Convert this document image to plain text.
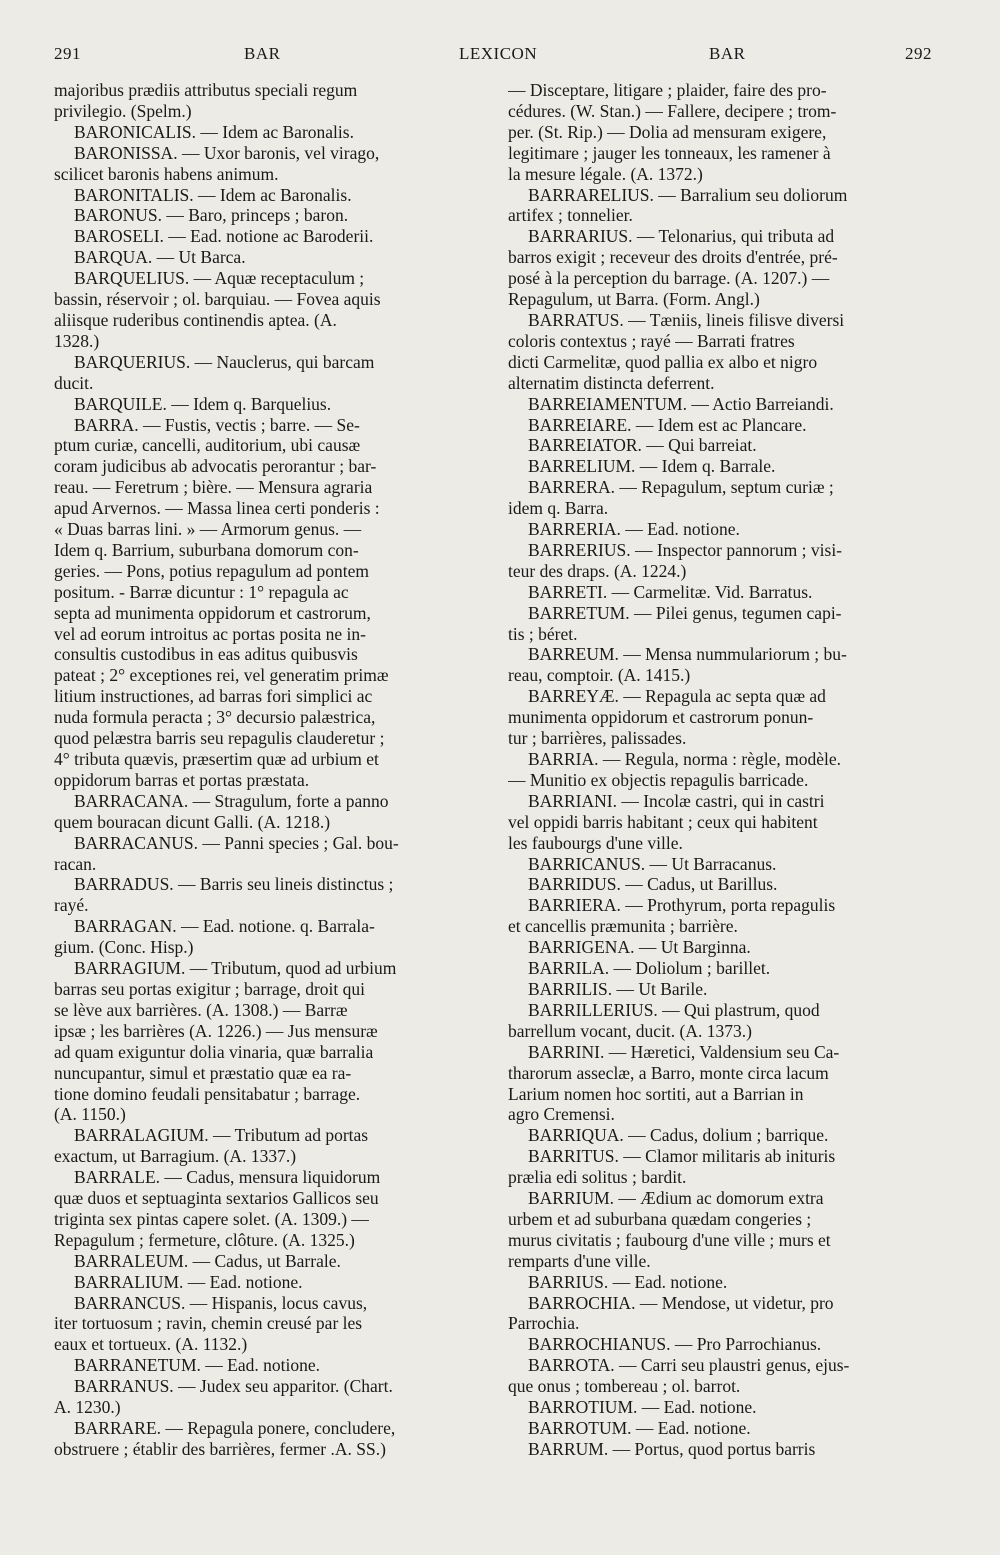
291	BAR	LEXICON	BAR	292
majoribus prædiis attributus speciali regum
privilegio. (Spelm.)
BARONICALIS. — Idem ac Baronalis.
BARONISSA. — Uxor baronis, vel virago,
scilicet baronis habens animum.
BARONITALIS. — Idem ac Baronalis.
BARONUS. — Baro, princeps ; baron.
BAROSELI. — Ead. notione ac Baroderii.
BARQUA. — Ut Barca.
BARQUELIUS. — Aquæ receptaculum ;
bassin, réservoir ; ol. barquiau. — Fovea aquis
aliisque ruderibus continendis aptea. (A.
1328.)
BARQUERIUS. — Nauclerus, qui barcam
ducit.
BARQUILE. — Idem q. Barquelius.
BARRA. — Fustis, vectis ; barre. — Se-
ptum curiæ, cancelli, auditorium, ubi causæ
coram judicibus ab advocatis perorantur ; bar-
reau. — Feretrum ; bière. — Mensura agraria
apud Arvernos. — Massa linea certi ponderis :
« Duas barras lini. » — Armorum genus. —
Idem q. Barrium, suburbana domorum con-
geries. — Pons, potius repagulum ad pontem
positum. - Barræ dicuntur : 1° repagula ac
septa ad munimenta oppidorum et castrorum,
vel ad eorum introitus ac portas posita ne in-
consultis custodibus in eas aditus quibusvis
pateat ; 2° exceptiones rei, vel generatim primæ
litium instructiones, ad barras fori simplici ac
nuda formula peracta ; 3° decursio palæstrica,
quod pelæstra barris seu repagulis clauderetur ;
4° tributa quævis, præsertim quæ ad urbium et
oppidorum barras et portas præstata.
BARRACANA. — Stragulum, forte a panno
quem bouracan dicunt Galli. (A. 1218.)
BARRACANUS. — Panni species ; Gal. bou-
racan.
BARRADUS. — Barris seu lineis distinctus ;
rayé.
BARRAGAN. — Ead. notione. q. Barrala-
gium. (Conc. Hisp.)
BARRAGIUM. — Tributum, quod ad urbium
barras seu portas exigitur ; barrage, droit qui
se lève aux barrières. (A. 1308.) — Barræ
ipsæ ; les barrières (A. 1226.) — Jus mensuræ
ad quam exiguntur dolia vinaria, quæ barralia
nuncupantur, simul et præstatio quæ ea ra-
tione domino feudali pensitabatur ; barrage.
(A. 1150.)
BARRALAGIUM. — Tributum ad portas
exactum, ut Barragium. (A. 1337.)
BARRALE. — Cadus, mensura liquidorum
quæ duos et septuaginta sextarios Gallicos seu
triginta sex pintas capere solet. (A. 1309.) —
Repagulum ; fermeture, clôture. (A. 1325.)
BARRALEUM. — Cadus, ut Barrale.
BARRALIUM. — Ead. notione.
BARRANCUS. — Hispanis, locus cavus,
iter tortuosum ; ravin, chemin creusé par les
eaux et tortueux. (A. 1132.)
BARRANETUM. — Ead. notione.
BARRANUS. — Judex seu apparitor. (Chart.
A. 1230.)
BARRARE. — Repagula ponere, concludere,
obstruere ; établir des barrières, fermer .A. SS.)
— Disceptare, litigare ; plaider, faire des pro-
cédures. (W. Stan.) — Fallere, decipere ; trom-
per. (St. Rip.) — Dolia ad mensuram exigere,
legitimare ; jauger les tonneaux, les ramener à
la mesure légale. (A. 1372.)
BARRARELIUS. — Barralium seu doliorum
artifex ; tonnelier.
BARRARIUS. — Telonarius, qui tributa ad
barros exigit ; receveur des droits d'entrée, pré-
posé à la perception du barrage. (A. 1207.) —
Repagulum, ut Barra. (Form. Angl.)
BARRATUS. — Tæniis, lineis filisve diversi
coloris contextus ; rayé — Barrati fratres
dicti Carmelitæ, quod pallia ex albo et nigro
alternatim distincta deferrent.
BARREIAMENTUM. — Actio Barreiandi.
BARREIARE. — Idem est ac Plancare.
BARREIATOR. — Qui barreiat.
BARRELIUM. — Idem q. Barrale.
BARRERA. — Repagulum, septum curiæ ;
idem q. Barra.
BARRERIA. — Ead. notione.
BARRERIUS. — Inspector pannorum ; visi-
teur des draps. (A. 1224.)
BARRETI. — Carmelitæ. Vid. Barratus.
BARRETUM. — Pilei genus, tegumen capi-
tis ; béret.
BARREUM. — Mensa nummulariorum ; bu-
reau, comptoir. (A. 1415.)
BARREYÆ. — Repagula ac septa quæ ad
munimenta oppidorum et castrorum ponun-
tur ; barrières, palissades.
BARRIA. — Regula, norma : règle, modèle.
— Munitio ex objectis repagulis barricade.
BARRIANI. — Incolæ castri, qui in castri
vel oppidi barris habitant ; ceux qui habitent
les faubourgs d'une ville.
BARRICANUS. — Ut Barracanus.
BARRIDUS. — Cadus, ut Barillus.
BARRIERA. — Prothyrum, porta repagulis
et cancellis præmunita ; barrière.
BARRIGENA. — Ut Barginna.
BARRILA. — Doliolum ; barillet.
BARRILIS. — Ut Barile.
BARRILLERIUS. — Qui plastrum, quod
barrellum vocant, ducit. (A. 1373.)
BARRINI. — Hæretici, Valdensium seu Ca-
tharorum asseclæ, a Barro, monte circa lacum
Larium nomen hoc sortiti, aut a Barrian in
agro Cremensi.
BARRIQUA. — Cadus, dolium ; barrique.
BARRITUS. — Clamor militaris ab inituris
prælia edi solitus ; bardit.
BARRIUM. — Ædium ac domorum extra
urbem et ad suburbana quædam congeries ;
murus civitatis ; faubourg d'une ville ; murs et
remparts d'une ville.
BARRIUS. — Ead. notione.
BARROCHIA. — Mendose, ut videtur, pro
Parrochia.
BARROCHIANUS. — Pro Parrochianus.
BARROTA. — Carri seu plaustri genus, ejus-
que onus ; tombereau ; ol. barrot.
BARROTIUM. — Ead. notione.
BARROTUM. — Ead. notione.
BARRUM. — Portus, quod portus barris
